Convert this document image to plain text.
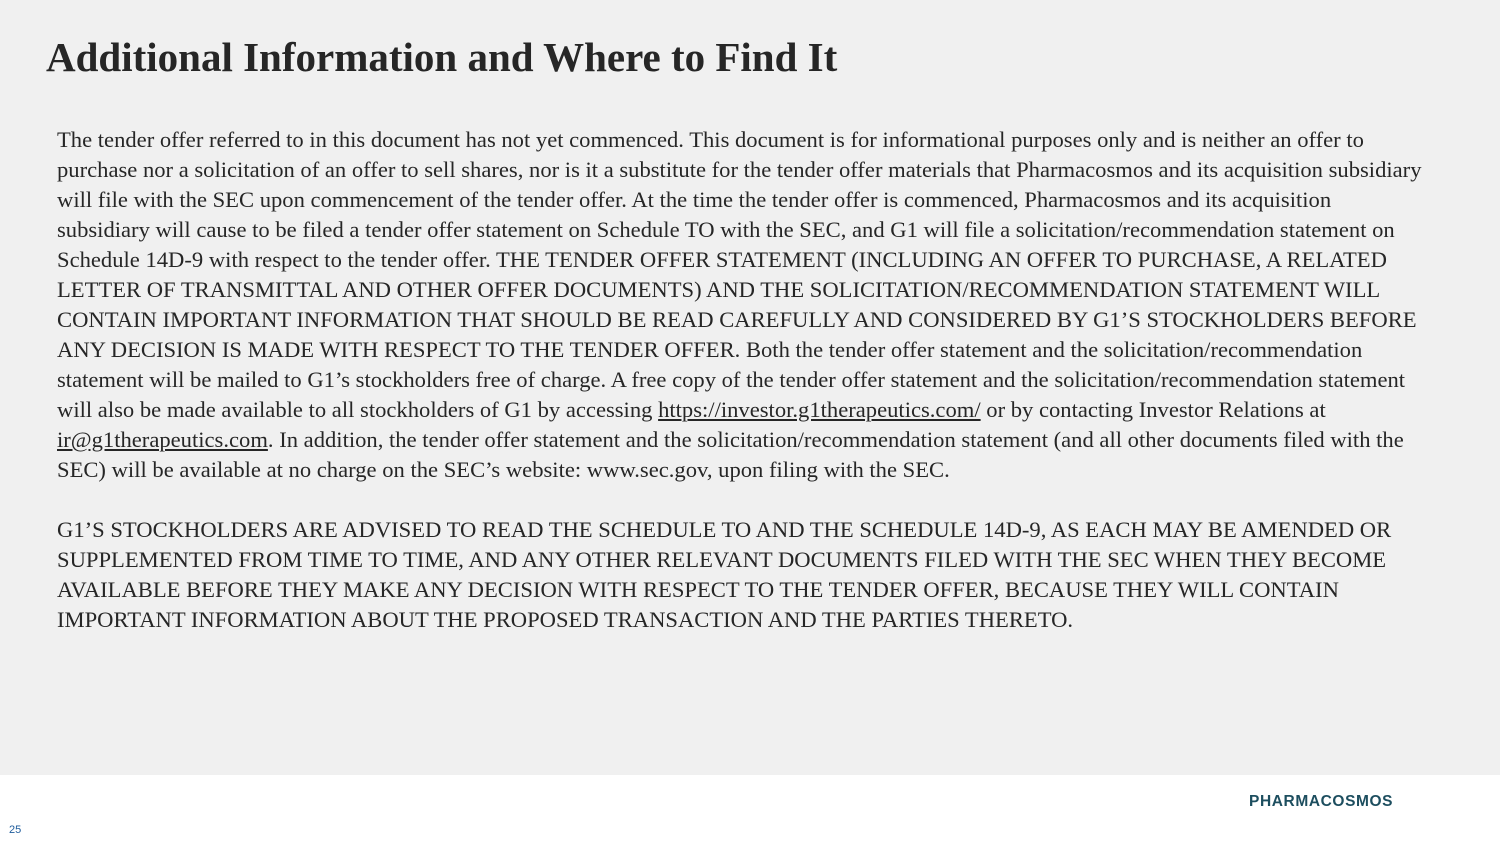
Additional Information and Where to Find It

The tender offer referred to in this document has not yet commenced. This document is for informational purposes only and is neither an offer to purchase nor a solicitation of an offer to sell shares, nor is it a substitute for the tender offer materials that Pharmacosmos and its acquisition subsidiary will file with the SEC upon commencement of the tender offer. At the time the tender offer is commenced, Pharmacosmos and its acquisition subsidiary will cause to be filed a tender offer statement on Schedule TO with the SEC, and G1 will file a solicitation/recommendation statement on Schedule 14D-9 with respect to the tender offer. THE TENDER OFFER STATEMENT (INCLUDING AN OFFER TO PURCHASE, A RELATED LETTER OF TRANSMITTAL AND OTHER OFFER DOCUMENTS) AND THE SOLICITATION/RECOMMENDATION STATEMENT WILL CONTAIN IMPORTANT INFORMATION THAT SHOULD BE READ CAREFULLY AND CONSIDERED BY G1’S STOCKHOLDERS BEFORE ANY DECISION IS MADE WITH RESPECT TO THE TENDER OFFER. Both the tender offer statement and the solicitation/recommendation statement will be mailed to G1’s stockholders free of charge. A free copy of the tender offer statement and the solicitation/recommendation statement will also be made available to all stockholders of G1 by accessing https://investor.g1therapeutics.com/ or by contacting Investor Relations at ir@g1therapeutics.com. In addition, the tender offer statement and the solicitation/recommendation statement (and all other documents filed with the SEC) will be available at no charge on the SEC’s website: www.sec.gov, upon filing with the SEC.

G1’S STOCKHOLDERS ARE ADVISED TO READ THE SCHEDULE TO AND THE SCHEDULE 14D-9, AS EACH MAY BE AMENDED OR SUPPLEMENTED FROM TIME TO TIME, AND ANY OTHER RELEVANT DOCUMENTS FILED WITH THE SEC WHEN THEY BECOME AVAILABLE BEFORE THEY MAKE ANY DECISION WITH RESPECT TO THE TENDER OFFER, BECAUSE THEY WILL CONTAIN IMPORTANT INFORMATION ABOUT THE PROPOSED TRANSACTION AND THE PARTIES THERETO.

PHARMACOSMOS
25
